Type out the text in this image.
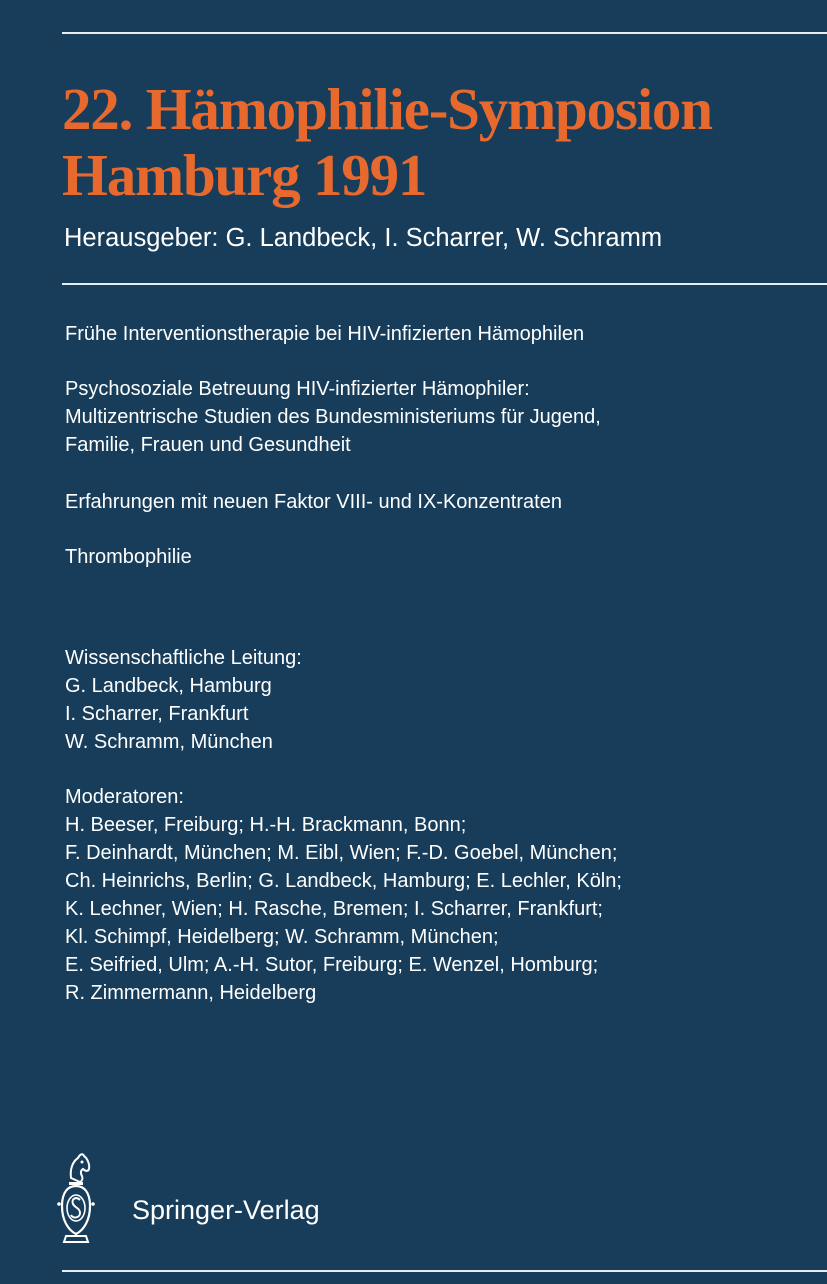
22. Hämophilie-Symposion
Hamburg 1991

Herausgeber: G. Landbeck, I. Scharrer, W. Schramm

Frühe Interventionstherapie bei HIV-infizierten Hämophilen
Psychosoziale Betreuung HIV-infizierter Hämophiler:
Multizentrische Studien des Bundesministeriums für Jugend,
Familie, Frauen und Gesundheit
Erfahrungen mit neuen Faktor VIII- und IX-Konzentraten
Thrombophilie
Wissenschaftliche Leitung:
G. Landbeck, Hamburg
I. Scharrer, Frankfurt
W. Schramm, München
Moderatoren:
H. Beeser, Freiburg; H.-H. Brackmann, Bonn;
F. Deinhardt, München; M. Eibl, Wien; F.-D. Goebel, München;
Ch. Heinrichs, Berlin; G. Landbeck, Hamburg; E. Lechler, Köln;
K. Lechner, Wien; H. Rasche, Bremen; I. Scharrer, Frankfurt;
Kl. Schimpf, Heidelberg; W. Schramm, München;
E. Seifried, Ulm; A.-H. Sutor, Freiburg; E. Wenzel, Homburg;
R. Zimmermann, Heidelberg
Springer-Verlag
